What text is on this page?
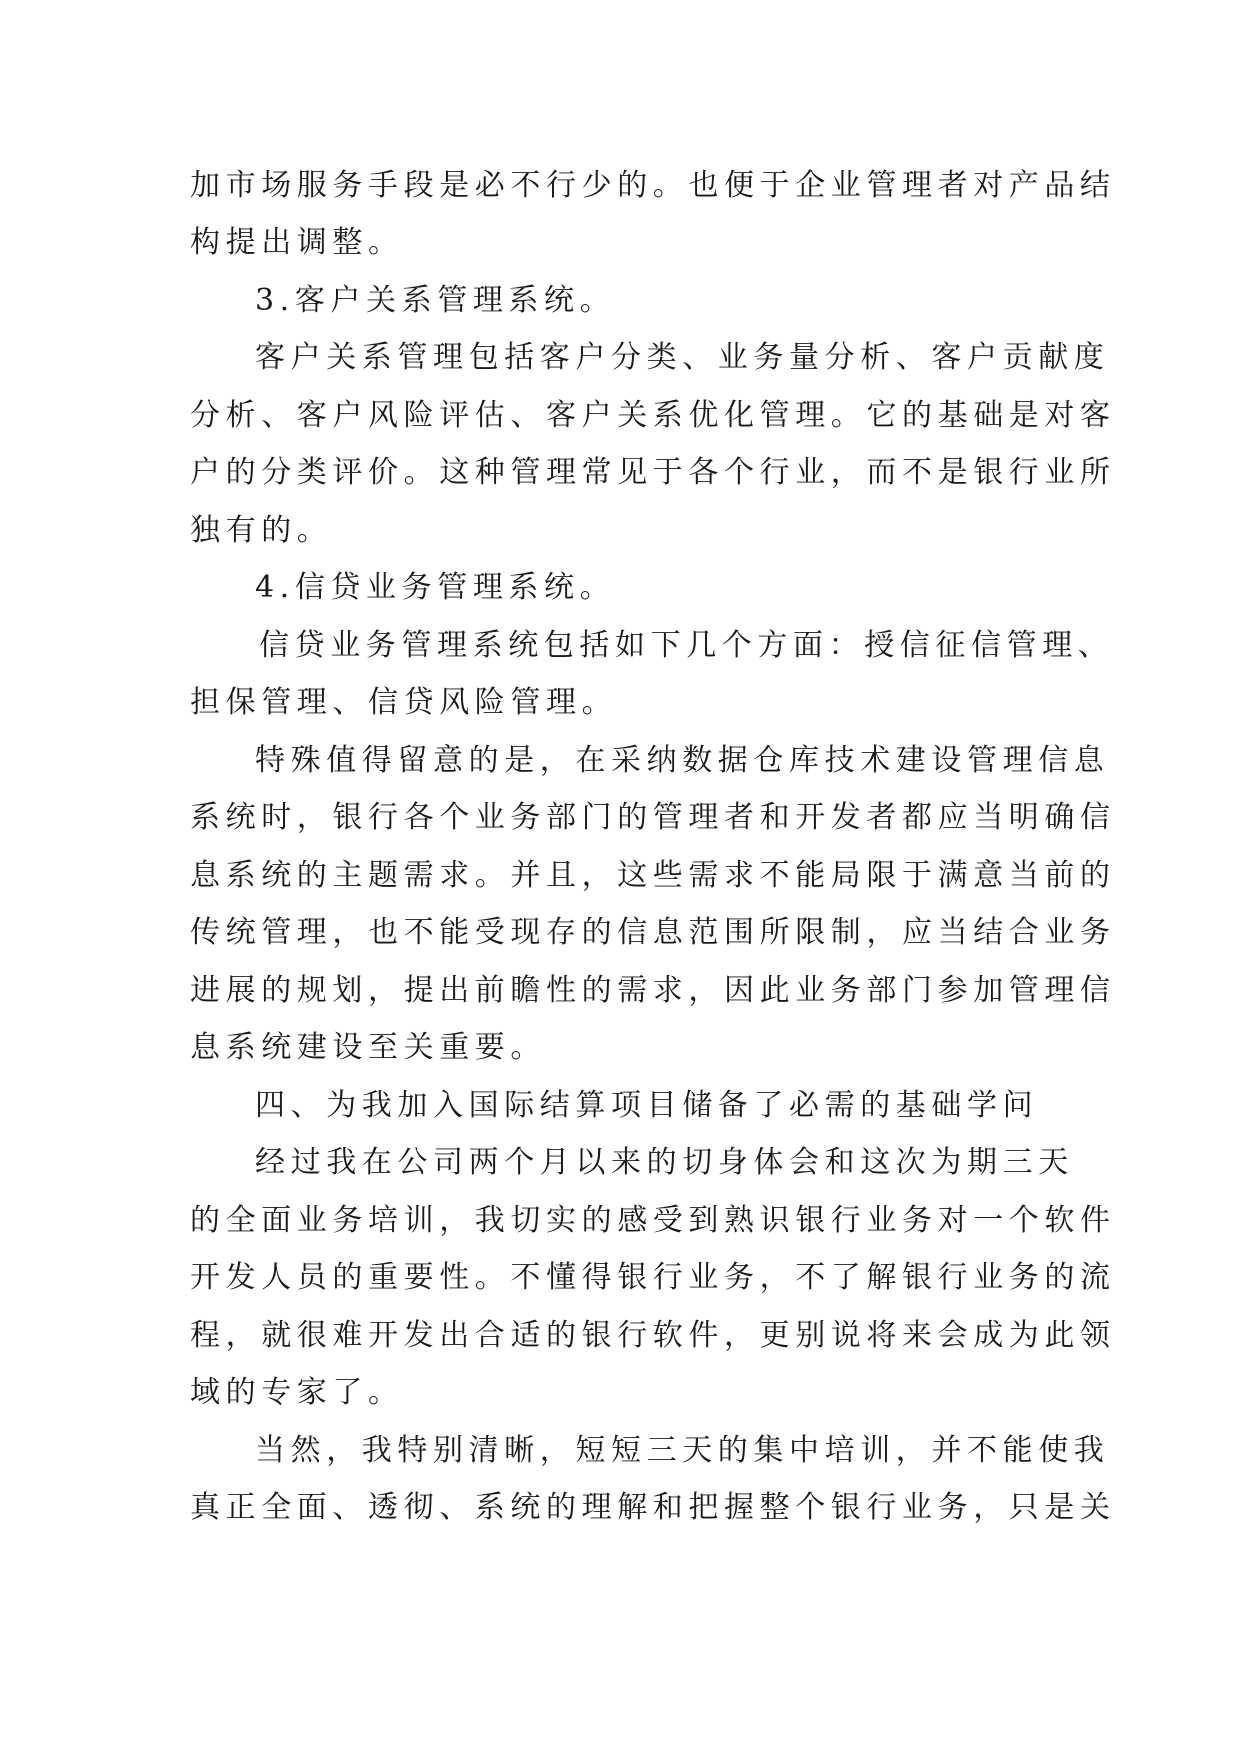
加市场服务手段是必不行少的。也便于企业管理者对产品结
构提出调整。
3.客户关系管理系统。
客户关系管理包括客户分类、业务量分析、客户贡献度
分析、客户风险评估、客户关系优化管理。它的基础是对客
户的分类评价。这种管理常见于各个行业，而不是银行业所
独有的。
4.信贷业务管理系统。
信贷业务管理系统包括如下几个方面：授信征信管理、
担保管理、信贷风险管理。
特殊值得留意的是，在采纳数据仓库技术建设管理信息
系统时，银行各个业务部门的管理者和开发者都应当明确信
息系统的主题需求。并且，这些需求不能局限于满意当前的
传统管理，也不能受现存的信息范围所限制，应当结合业务
进展的规划，提出前瞻性的需求，因此业务部门参加管理信
息系统建设至关重要。
四、为我加入国际结算项目储备了必需的基础学问
经过我在公司两个月以来的切身体会和这次为期三天
的全面业务培训，我切实的感受到熟识银行业务对一个软件
开发人员的重要性。不懂得银行业务，不了解银行业务的流
程，就很难开发出合适的银行软件，更别说将来会成为此领
域的专家了。
当然，我特别清晰，短短三天的集中培训，并不能使我
真正全面、透彻、系统的理解和把握整个银行业务，只是关
